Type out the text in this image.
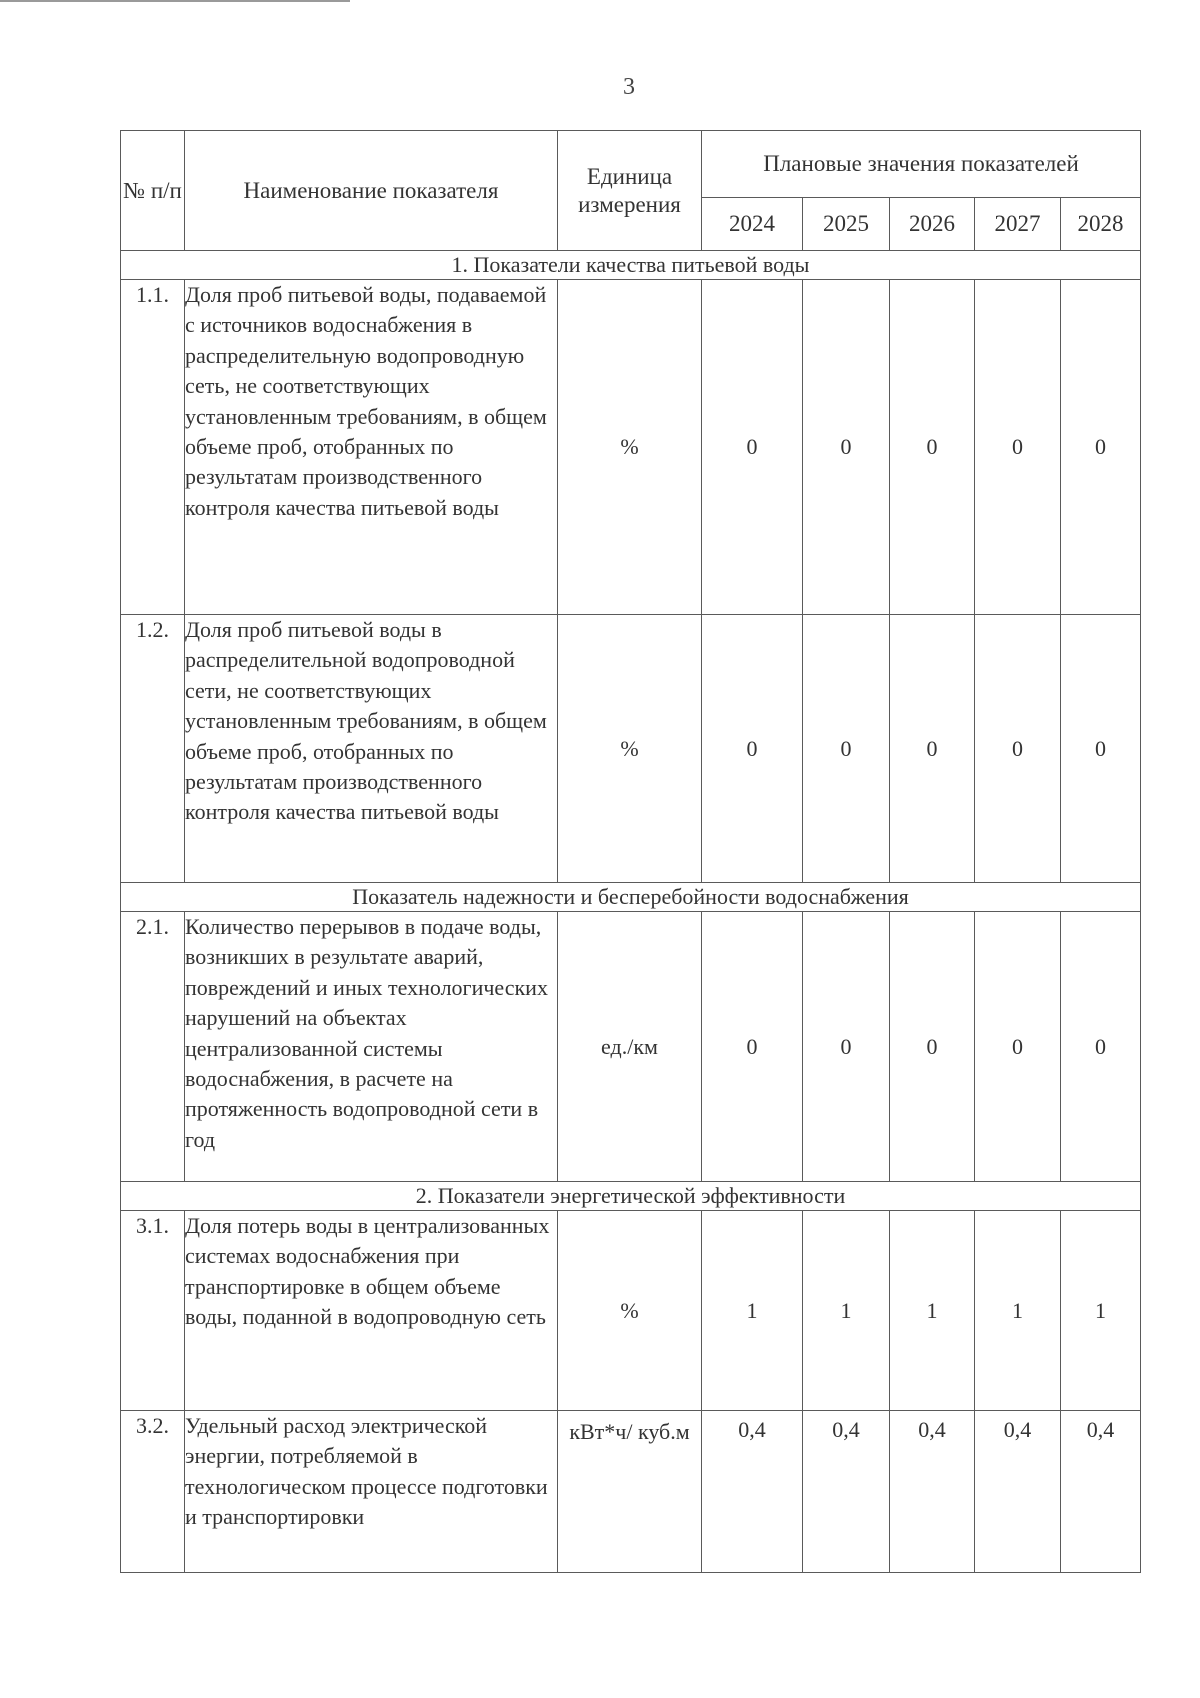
3
№ п/п	Наименование показателя	Единица измерения	Плановые значения показателей				
			2024	2025	2026	2027	2028
1. Показатели качества питьевой воды							
1.1.	Доля проб питьевой воды, подаваемой с источников водоснабжения в распределительную водопроводную сеть, не соответствующих установленным требованиям, в общем объеме проб, отобранных по результатам производственного контроля качества питьевой воды	%	0	0	0	0	0
1.2.	Доля проб питьевой воды в распределительной водопроводной сети, не соответствующих установленным требованиям, в общем объеме проб, отобранных по результатам производственного контроля качества питьевой воды	%	0	0	0	0	0
Показатель надежности и бесперебойности водоснабжения							
2.1.	Количество перерывов в подаче воды, возникших в результате аварий, повреждений и иных технологических нарушений на объектах централизованной системы водоснабжения, в расчете на протяженность водопроводной сети в год	ед./км	0	0	0	0	0
2. Показатели энергетической эффективности							
3.1.	Доля потерь воды в централизованных системах водоснабжения при транспортировке в общем объеме воды, поданной в водопроводную сеть	%	1	1	1	1	1
3.2.	Удельный расход электрической энергии, потребляемой в технологическом процессе подготовки и транспортировки	кВт*ч/ куб.м	0,4	0,4	0,4	0,4	0,4
